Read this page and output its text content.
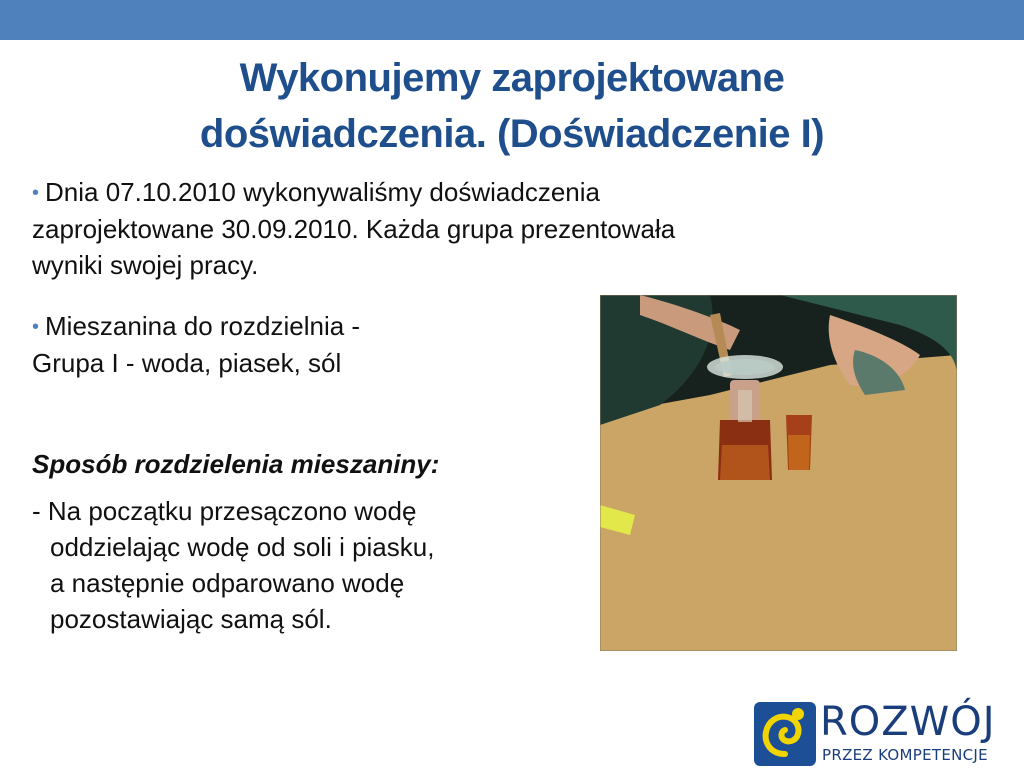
Wykonujemy zaprojektowane
doświadczenia. (Doświadczenie I)
• Dnia 07.10.2010 wykonywaliśmy doświadczenia
zaprojektowane 30.09.2010. Każda grupa prezentowała
wyniki swojej pracy.
• Mieszanina do rozdzielnia -
Grupa I - woda, piasek, sól
Sposób rozdzielenia mieszaniny:
- Na początku przesączono wodę
oddzielając wodę od soli i piasku,
a następnie odparowano wodę
pozostawiając samą sól.
ROZWÓJ
PRZEZ KOMPETENCJE
